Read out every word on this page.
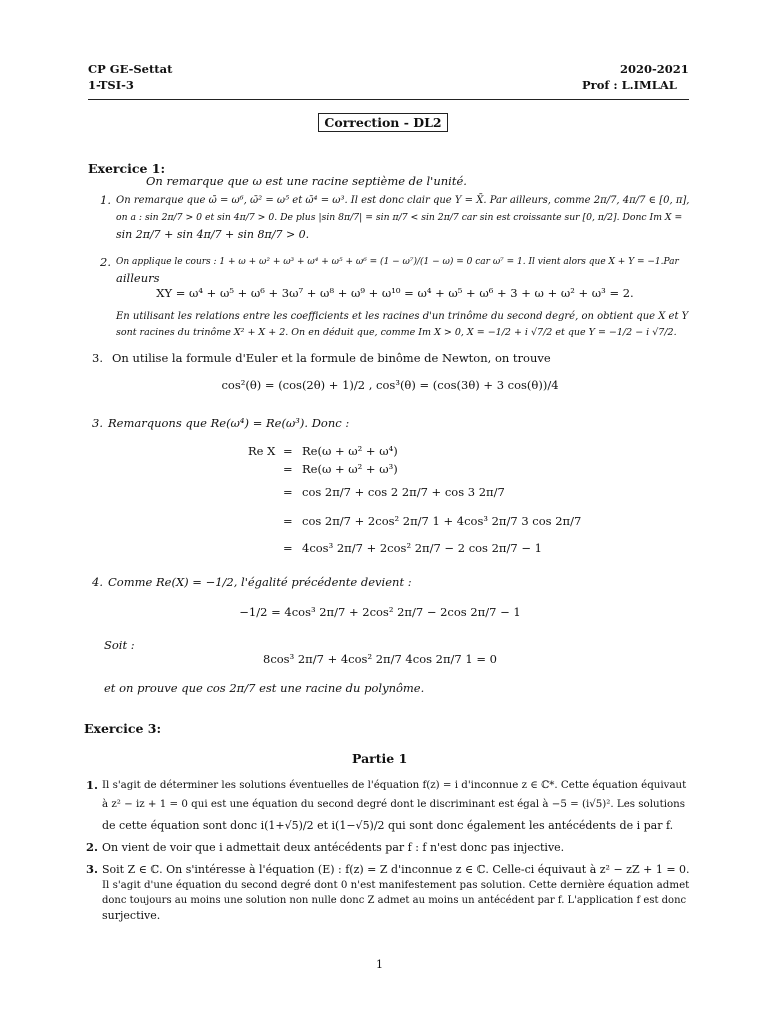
CP GE-Settat
1-TSI-3
2020-2021
Prof : L.IMLAL
Correction - DL2
Exercice 1:
On remarque que ω est une racine septième de l'unité.
1. On remarque que ω̄ = ω⁶, ω̄² = ω⁵ et ω̄⁴ = ω³. Il est donc clair que Y = X̄. Par ailleurs, comme 2π/7, 4π/7 ∈ [0, π],
on a : sin 2π/7 > 0 et sin 4π/7 > 0. De plus |sin 8π/7| = sin π/7 < sin 2π/7 car sin est croissante sur [0, π/2]. Donc Im X =
sin 2π/7 + sin 4π/7 + sin 8π/7 > 0.
2. On applique le cours : 1 + ω + ω² + ω³ + ω⁴ + ω⁵ + ω⁶ = (1 − ω⁷)/(1 − ω) = 0 car ω⁷ = 1. Il vient alors que X + Y = −1.Par
ailleurs
XY = ω⁴ + ω⁵ + ω⁶ + 3ω⁷ + ω⁸ + ω⁹ + ω¹⁰ = ω⁴ + ω⁵ + ω⁶ + 3 + ω + ω² + ω³ = 2.
En utilisant les relations entre les coefficients et les racines d'un trinôme du second degré, on obtient que X et Y
sont racines du trinôme X² + X + 2. On en déduit que, comme Im X > 0, X = −1/2 + i √7/2 et que Y = −1/2 − i √7/2.
3. On utilise la formule d'Euler et la formule de binôme de Newton, on trouve
cos²(θ) = (cos(2θ) + 1)/2 , cos³(θ) = (cos(3θ) + 3 cos(θ))/4
3. Remarquons que Re(ω⁴) = Re(ω³). Donc :
Re X = Re(ω + ω² + ω⁴)
= Re(ω + ω² + ω³)
= cos 2π/7 + cos 2 2π/7 + cos 3 2π/7
= cos 2π/7 + 2cos² 2π/7 1 + 4cos³ 2π/7 3 cos 2π/7
= 4cos³ 2π/7 + 2cos² 2π/7 − 2 cos 2π/7 − 1
4. Comme Re(X) = −1/2, l'égalité précédente devient :
−1/2 = 4cos³ 2π/7 + 2cos² 2π/7 − 2cos 2π/7 − 1
Soit :
8cos³ 2π/7 + 4cos² 2π/7 4cos 2π/7 1 = 0
et on prouve que cos 2π/7 est une racine du polynôme.
Exercice 3:
Partie 1
1. Il s'agit de déterminer les solutions éventuelles de l'équation f(z) = i d'inconnue z ∈ ℂ*. Cette équation équivaut
à z² − iz + 1 = 0 qui est une équation du second degré dont le discriminant est égal à −5 = (i√5)². Les solutions
de cette équation sont donc i(1+√5)/2 et i(1−√5)/2 qui sont donc également les antécédents de i par f.
2. On vient de voir que i admettait deux antécédents par f : f n'est donc pas injective.
3. Soit Z ∈ ℂ. On s'intéresse à l'équation (E) : f(z) = Z d'inconnue z ∈ ℂ. Celle-ci équivaut à z² − zZ + 1 = 0.
Il s'agit d'une équation du second degré dont 0 n'est manifestement pas solution. Cette dernière équation admet
donc toujours au moins une solution non nulle donc Z admet au moins un antécédent par f. L'application f est donc
surjective.
1
